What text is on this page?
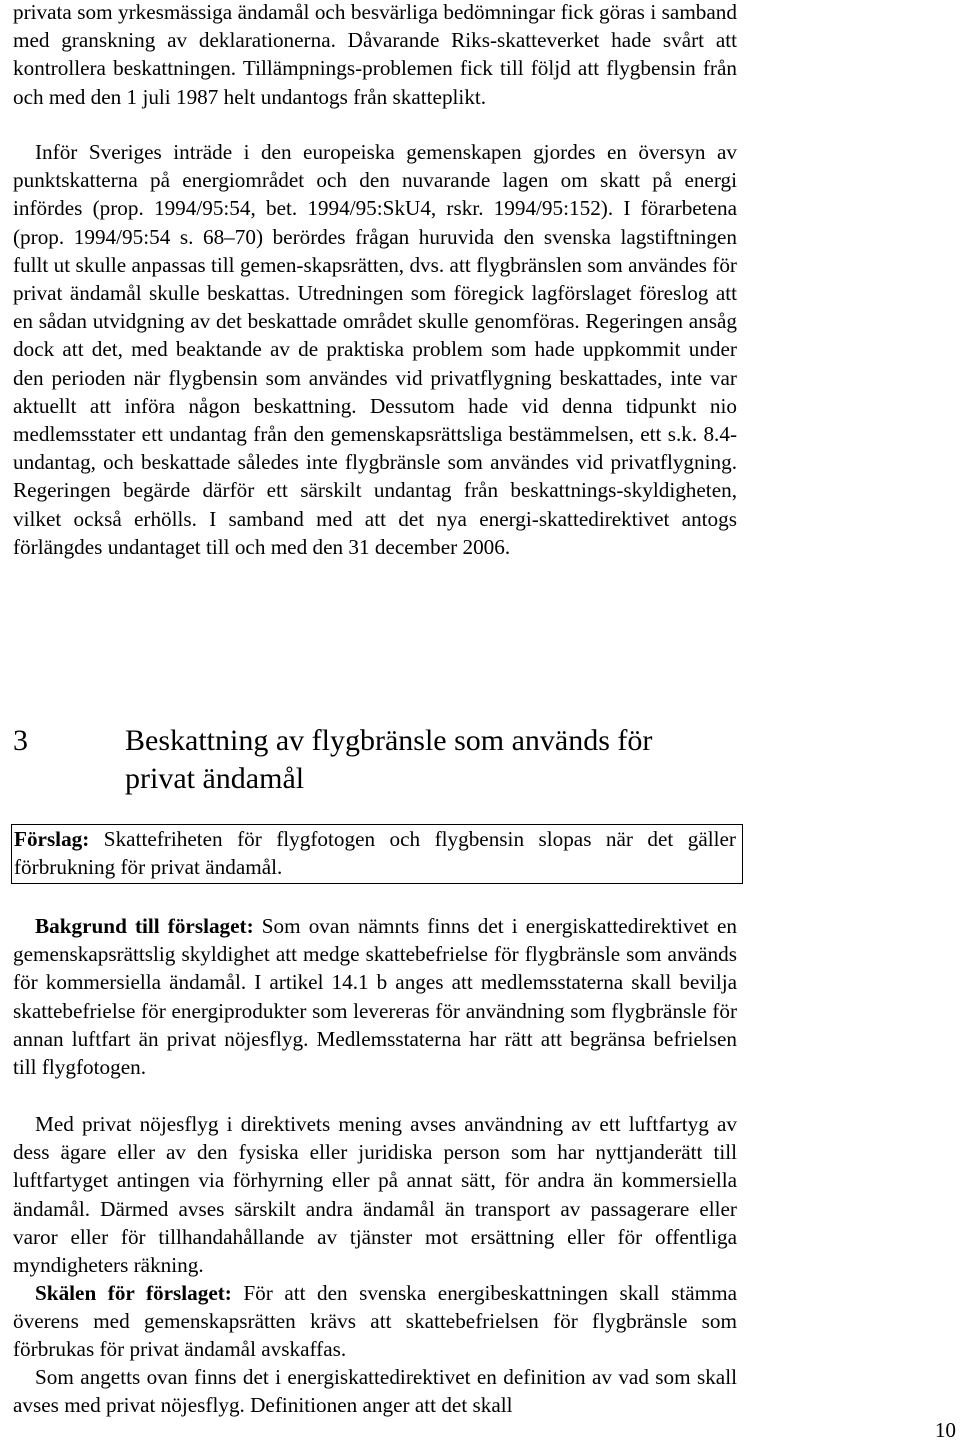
privata som yrkesmässiga ändamål och besvärliga bedömningar fick göras i samband med granskning av deklarationerna. Dåvarande Riks-skatteverket hade svårt att kontrollera beskattningen. Tillämpnings-problemen fick till följd att flygbensin från och med den 1 juli 1987 helt undantogs från skatteplikt.

Inför Sveriges inträde i den europeiska gemenskapen gjordes en översyn av punktskatterna på energiområdet och den nuvarande lagen om skatt på energi infördes (prop. 1994/95:54, bet. 1994/95:SkU4, rskr. 1994/95:152). I förarbetena (prop. 1994/95:54 s. 68–70) berördes frågan huruvida den svenska lagstiftningen fullt ut skulle anpassas till gemen-skapsrätten, dvs. att flygbränslen som användes för privat ändamål skulle beskattas. Utredningen som föregick lagförslaget föreslog att en sådan utvidgning av det beskattade området skulle genomföras. Regeringen ansåg dock att det, med beaktande av de praktiska problem som hade uppkommit under den perioden när flygbensin som användes vid privatflygning beskattades, inte var aktuellt att införa någon beskattning. Dessutom hade vid denna tidpunkt nio medlemsstater ett undantag från den gemenskapsrättsliga bestämmelsen, ett s.k. 8.4-undantag, och beskattade således inte flygbränsle som användes vid privatflygning. Regeringen begärde därför ett särskilt undantag från beskattnings-skyldigheten, vilket också erhölls. I samband med att det nya energi-skattedirektivet antogs förlängdes undantaget till och med den 31 december 2006.

3	Beskattning av flygbränsle som används för privat ändamål

Förslag: Skattefriheten för flygfotogen och flygbensin slopas när det gäller förbrukning för privat ändamål.

Bakgrund till förslaget: Som ovan nämnts finns det i energiskattedirektivet en gemenskapsrättslig skyldighet att medge skattebefrielse för flygbränsle som används för kommersiella ändamål. I artikel 14.1 b anges att medlemsstaterna skall bevilja skattebefrielse för energiprodukter som levereras för användning som flygbränsle för annan luftfart än privat nöjesflyg. Medlemsstaterna har rätt att begränsa befrielsen till flygfotogen.

Med privat nöjesflyg i direktivets mening avses användning av ett luftfartyg av dess ägare eller av den fysiska eller juridiska person som har nyttjanderätt till luftfartyget antingen via förhyrning eller på annat sätt, för andra än kommersiella ändamål. Därmed avses särskilt andra ändamål än transport av passagerare eller varor eller för tillhandahållande av tjänster mot ersättning eller för offentliga myndigheters räkning.

Skälen för förslaget: För att den svenska energibeskattningen skall stämma överens med gemenskapsrätten krävs att skattebefrielsen för flygbränsle som förbrukas för privat ändamål avskaffas.

Som angetts ovan finns det i energiskattedirektivet en definition av vad som skall avses med privat nöjesflyg. Definitionen anger att det skall

10
